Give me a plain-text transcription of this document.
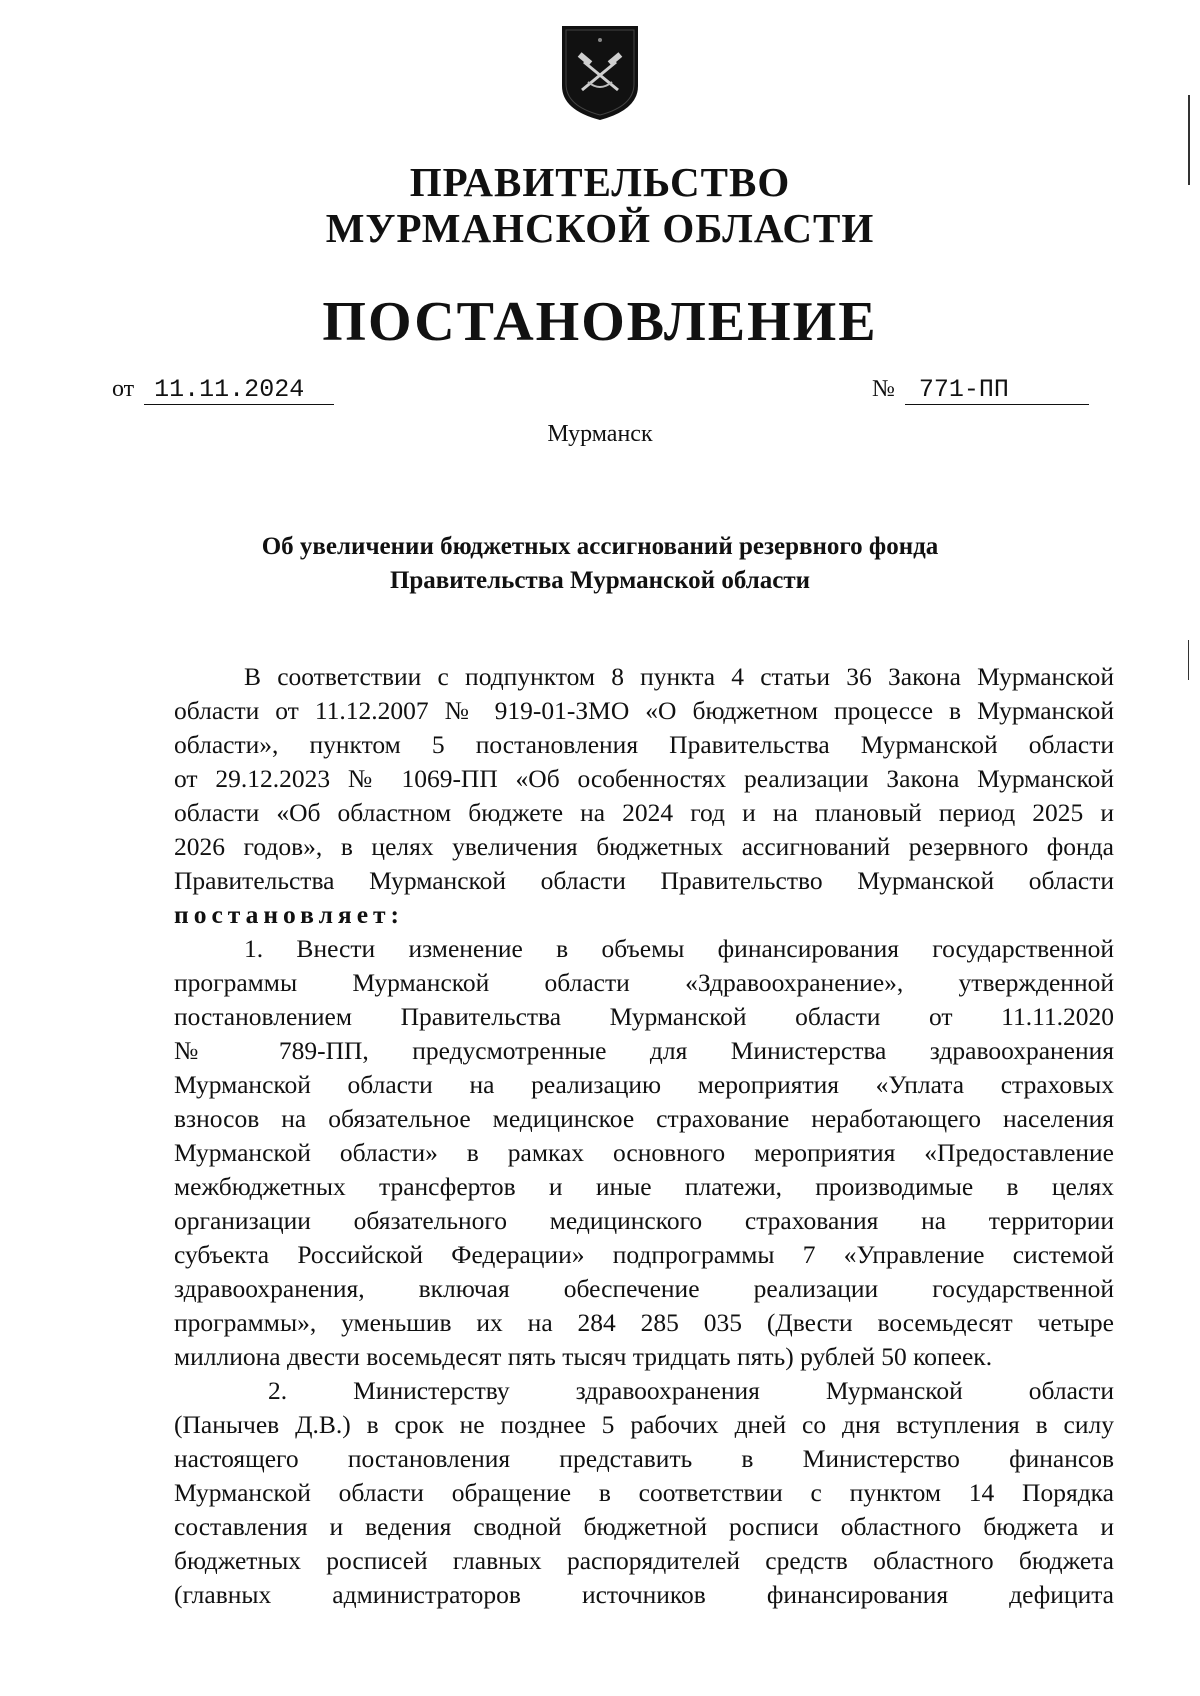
ПРАВИТЕЛЬСТВО
МУРМАНСКОЙ ОБЛАСТИ
ПОСТАНОВЛЕНИЕ
от 11.11.2024	№ 771-ПП
Мурманск
Об увеличении бюджетных ассигнований резервного фонда
Правительства Мурманской области
В соответствии с подпунктом 8 пункта 4 статьи 36 Закона Мурманской
области от 11.12.2007 № 919-01-ЗМО «О бюджетном процессе в Мурманской
области», пунктом 5 постановления Правительства Мурманской области
от 29.12.2023 № 1069-ПП «Об особенностях реализации Закона Мурманской
области «Об областном бюджете на 2024 год и на плановый период 2025 и
2026 годов», в целях увеличения бюджетных ассигнований резервного фонда
Правительства Мурманской области Правительство Мурманской области
постановляет:
1. Внести изменение в объемы финансирования государственной
программы Мурманской области «Здравоохранение», утвержденной
постановлением Правительства Мурманской области от 11.11.2020
№ 789-ПП, предусмотренные для Министерства здравоохранения
Мурманской области на реализацию мероприятия «Уплата страховых
взносов на обязательное медицинское страхование неработающего населения
Мурманской области» в рамках основного мероприятия «Предоставление
межбюджетных трансфертов и иные платежи, производимые в целях
организации обязательного медицинского страхования на территории
субъекта Российской Федерации» подпрограммы 7 «Управление системой
здравоохранения, включая обеспечение реализации государственной
программы», уменьшив их на 284 285 035 (Двести восемьдесят четыре
миллиона двести восемьдесят пять тысяч тридцать пять) рублей 50 копеек.
2. Министерству здравоохранения Мурманской области
(Панычев Д.В.) в срок не позднее 5 рабочих дней со дня вступления в силу
настоящего постановления представить в Министерство финансов
Мурманской области обращение в соответствии с пунктом 14 Порядка
составления и ведения сводной бюджетной росписи областного бюджета и
бюджетных росписей главных распорядителей средств областного бюджета
(главных администраторов источников финансирования дефицита
